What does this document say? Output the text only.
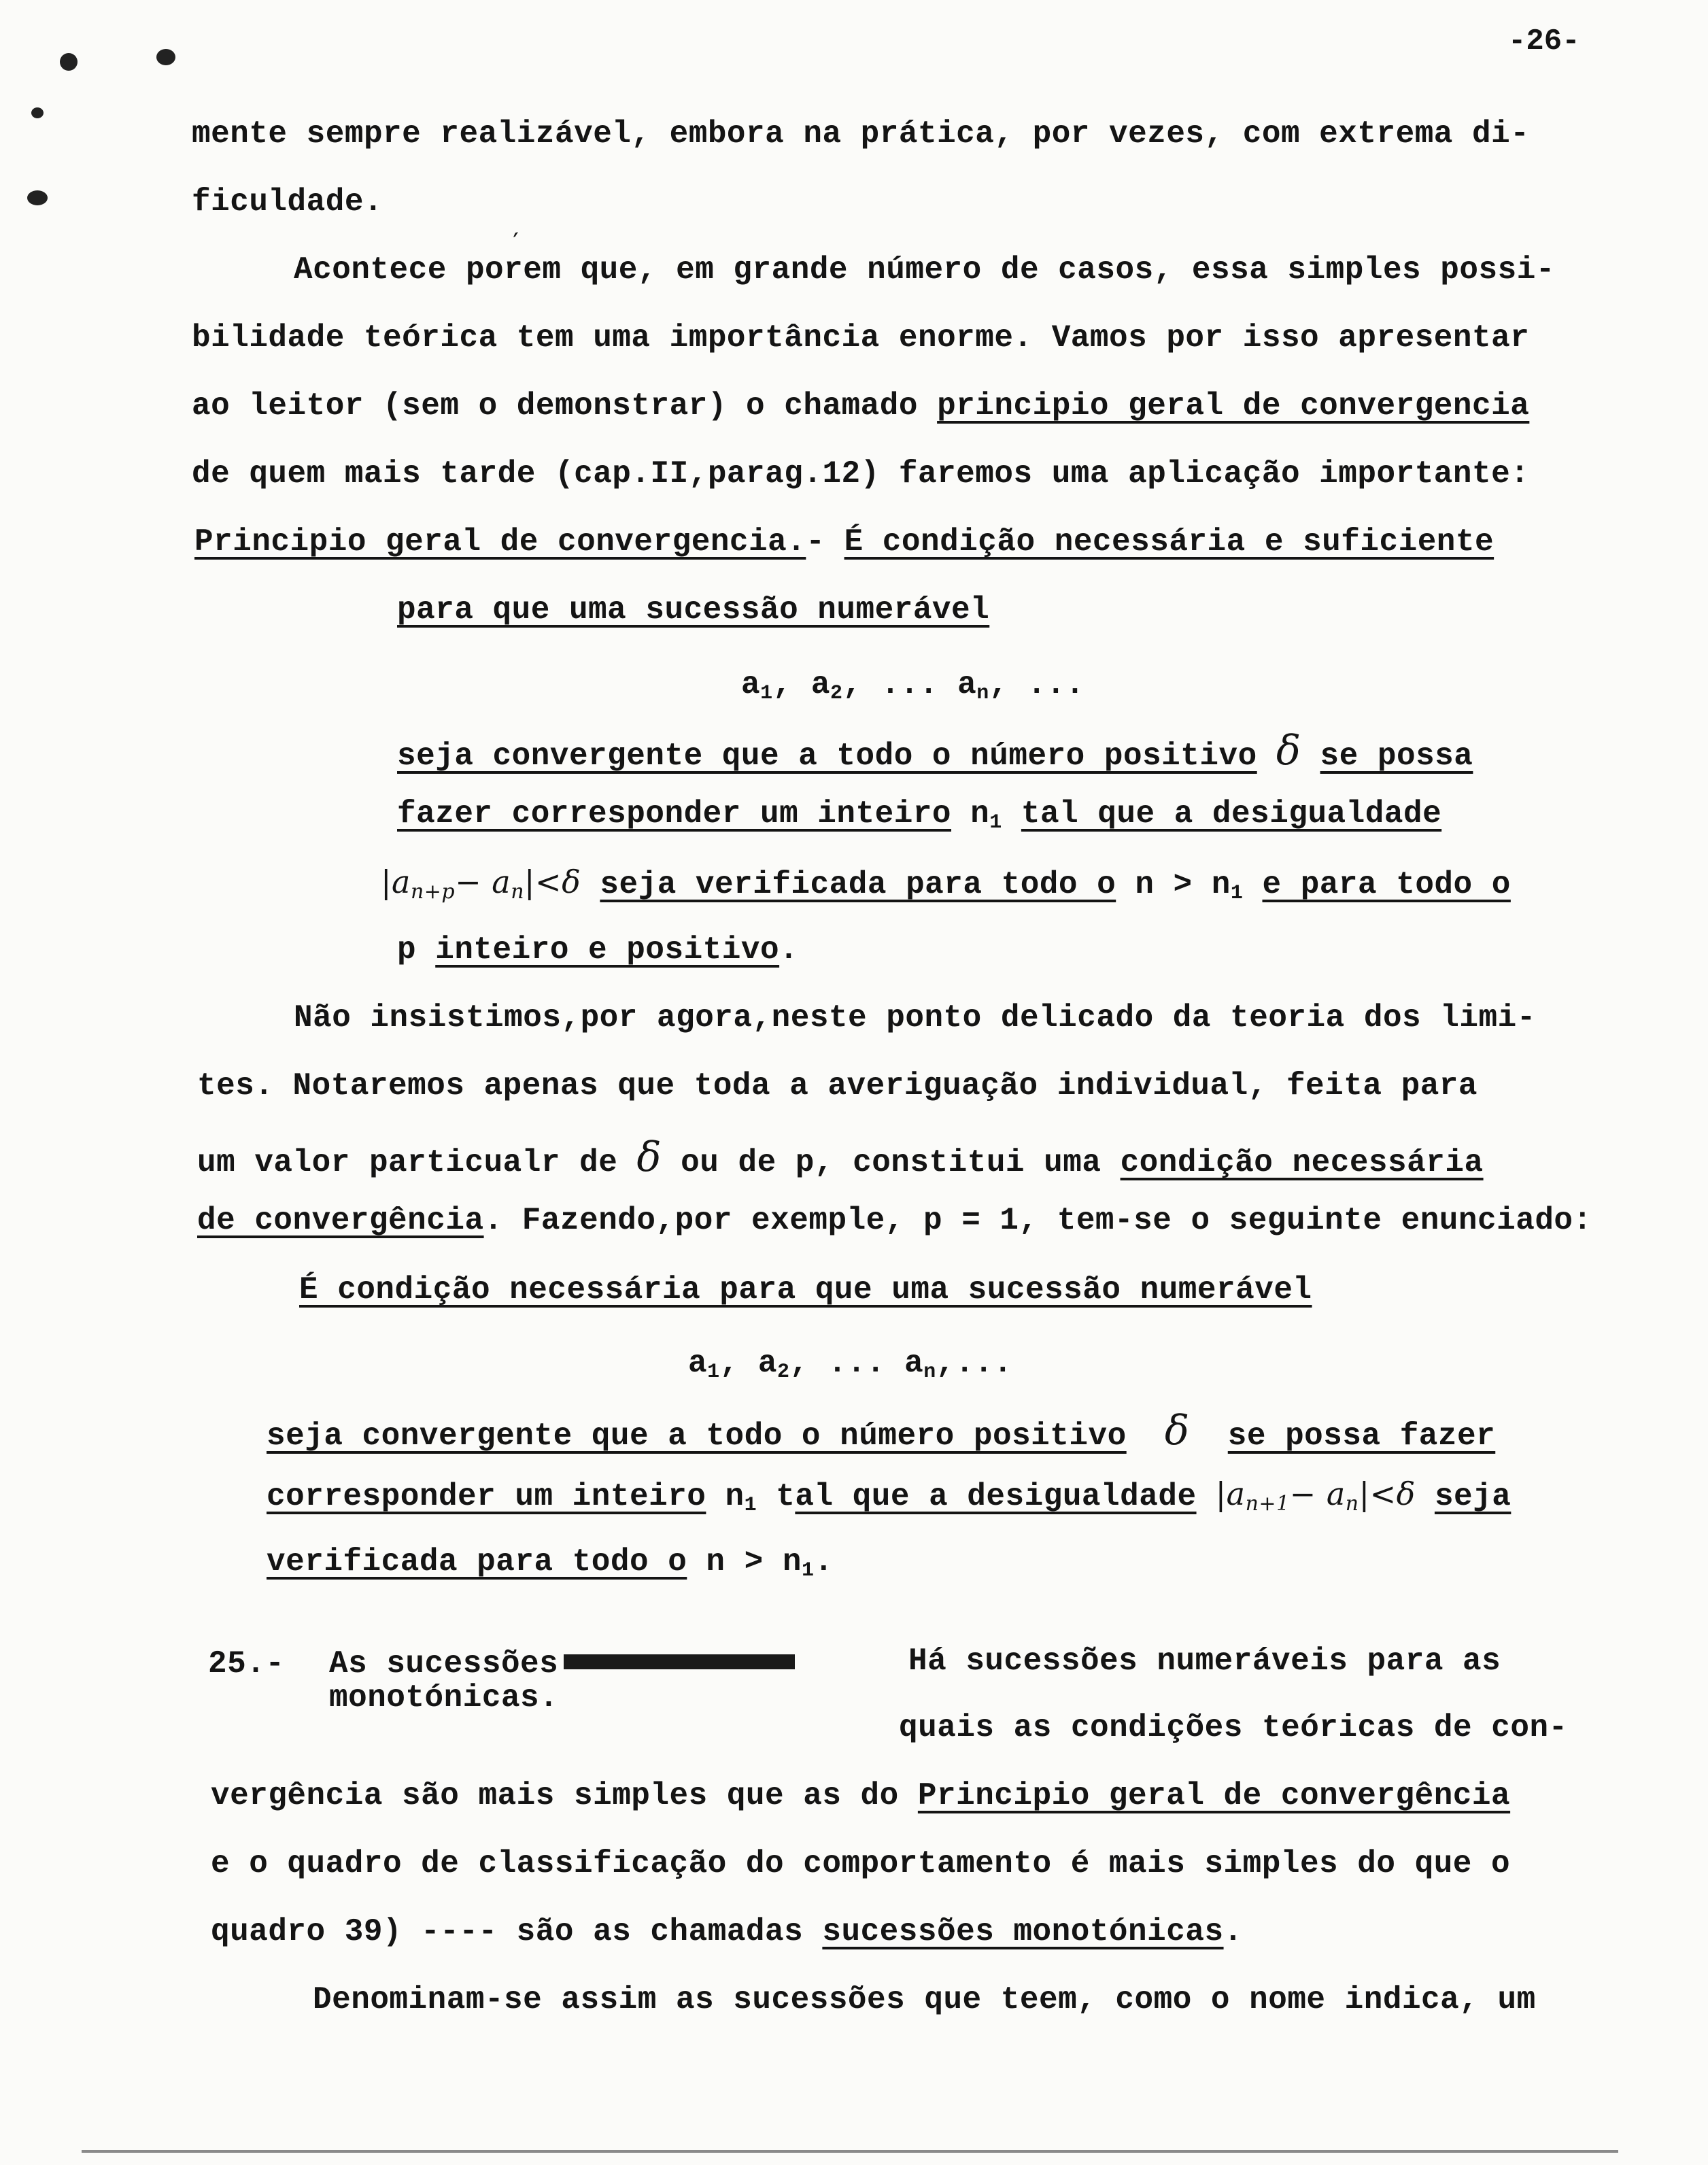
-26-
mente sempre realizável, embora na prática, por vezes, com extrema di-
ficuldade.
´
Acontece porem que, em grande número de casos, essa simples possi-
bilidade teórica tem uma importância enorme. Vamos por isso apresentar
ao leitor (sem o demonstrar) o chamado principio geral de convergencia
de quem mais tarde (cap.II,parag.12) faremos uma aplicação importante:
Principio geral de convergencia.- É condição necessária e suficiente
para que uma sucessão numerável
$a_1$, $a_2$, ... $a_n$, ...
seja convergente que a todo o número positivo δ se possa
fazer corresponder um inteiro $n_1$ tal que a desigualdade
$|a_{n+p}- a_n|<\delta$ seja verificada para todo o $n > n_1$ e para todo o
p inteiro e positivo.
Não insistimos,por agora,neste ponto delicado da teoria dos limi-
tes. Notaremos apenas que toda a averiguação individual, feita para
um valor particualr de δ ou de p, constitui uma condição necessária
de convergência. Fazendo,por exemple, p = 1, tem-se o seguinte enunciado:
É condição necessária para que uma sucessão numerável
$a_1$, $a_2$, ... $a_n$,...
seja convergente que a todo o número positivo δ se possa fazer
corresponder um inteiro $n_1$ tal que a desigualdade $|a_{n+1}- a_n|<\delta$ seja
verificada para todo o $n > n_1$.
25.- As sucessões
monotónicas.
Há sucessões numeráveis para as
quais as condições teóricas de con-
vergência são mais simples que as do Principio geral de convergência
e o quadro de classificação do comportamento é mais simples do que o
quadro 39) ---- são as chamadas sucessões monotónicas.
Denominam-se assim as sucessões que teem, como o nome indica, um
